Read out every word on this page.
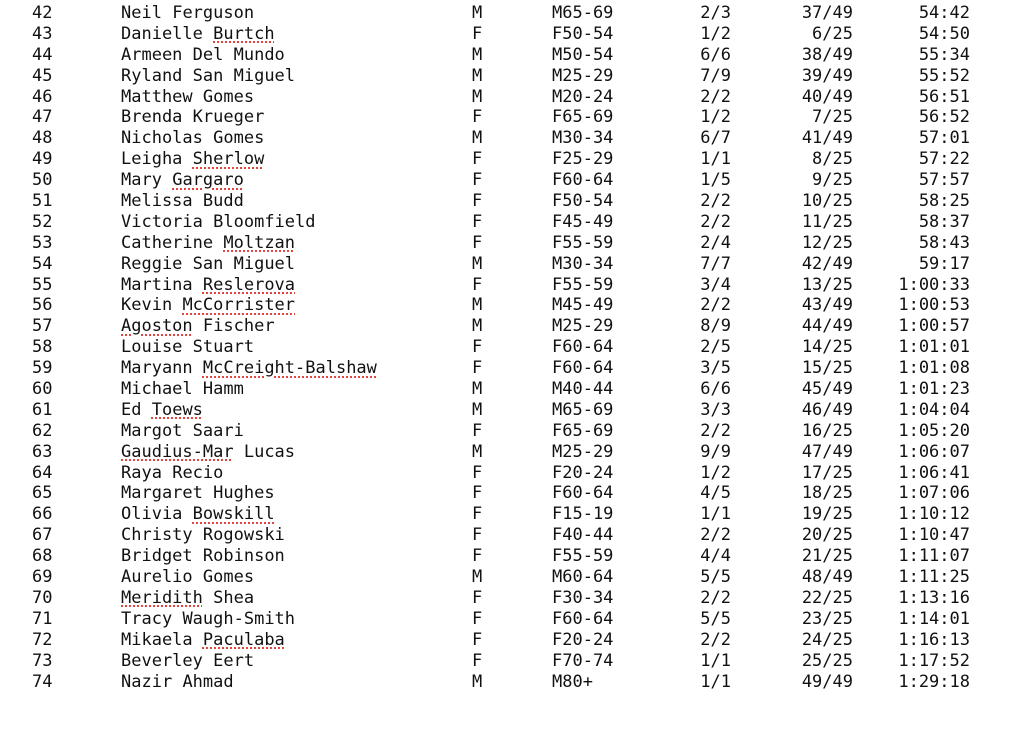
42	Neil Ferguson	M	M65-69	2/3	37/49	54:42
43	Danielle Burtch	F	F50-54	1/2	6/25	54:50
44	Armeen Del Mundo	M	M50-54	6/6	38/49	55:34
45	Ryland San Miguel	M	M25-29	7/9	39/49	55:52
46	Matthew Gomes	M	M20-24	2/2	40/49	56:51
47	Brenda Krueger	F	F65-69	1/2	7/25	56:52
48	Nicholas Gomes	M	M30-34	6/7	41/49	57:01
49	Leigha Sherlow	F	F25-29	1/1	8/25	57:22
50	Mary Gargaro	F	F60-64	1/5	9/25	57:57
51	Melissa Budd	F	F50-54	2/2	10/25	58:25
52	Victoria Bloomfield	F	F45-49	2/2	11/25	58:37
53	Catherine Moltzan	F	F55-59	2/4	12/25	58:43
54	Reggie San Miguel	M	M30-34	7/7	42/49	59:17
55	Martina Reslerova	F	F55-59	3/4	13/25	1:00:33
56	Kevin McCorrister	M	M45-49	2/2	43/49	1:00:53
57	Agoston Fischer	M	M25-29	8/9	44/49	1:00:57
58	Louise Stuart	F	F60-64	2/5	14/25	1:01:01
59	Maryann McCreight-Balshaw	F	F60-64	3/5	15/25	1:01:08
60	Michael Hamm	M	M40-44	6/6	45/49	1:01:23
61	Ed Toews	M	M65-69	3/3	46/49	1:04:04
62	Margot Saari	F	F65-69	2/2	16/25	1:05:20
63	Gaudius-Mar Lucas	M	M25-29	9/9	47/49	1:06:07
64	Raya Recio	F	F20-24	1/2	17/25	1:06:41
65	Margaret Hughes	F	F60-64	4/5	18/25	1:07:06
66	Olivia Bowskill	F	F15-19	1/1	19/25	1:10:12
67	Christy Rogowski	F	F40-44	2/2	20/25	1:10:47
68	Bridget Robinson	F	F55-59	4/4	21/25	1:11:07
69	Aurelio Gomes	M	M60-64	5/5	48/49	1:11:25
70	Meridith Shea	F	F30-34	2/2	22/25	1:13:16
71	Tracy Waugh-Smith	F	F60-64	5/5	23/25	1:14:01
72	Mikaela Paculaba	F	F20-24	2/2	24/25	1:16:13
73	Beverley Eert	F	F70-74	1/1	25/25	1:17:52
74	Nazir Ahmad	M	M80+	1/1	49/49	1:29:18
